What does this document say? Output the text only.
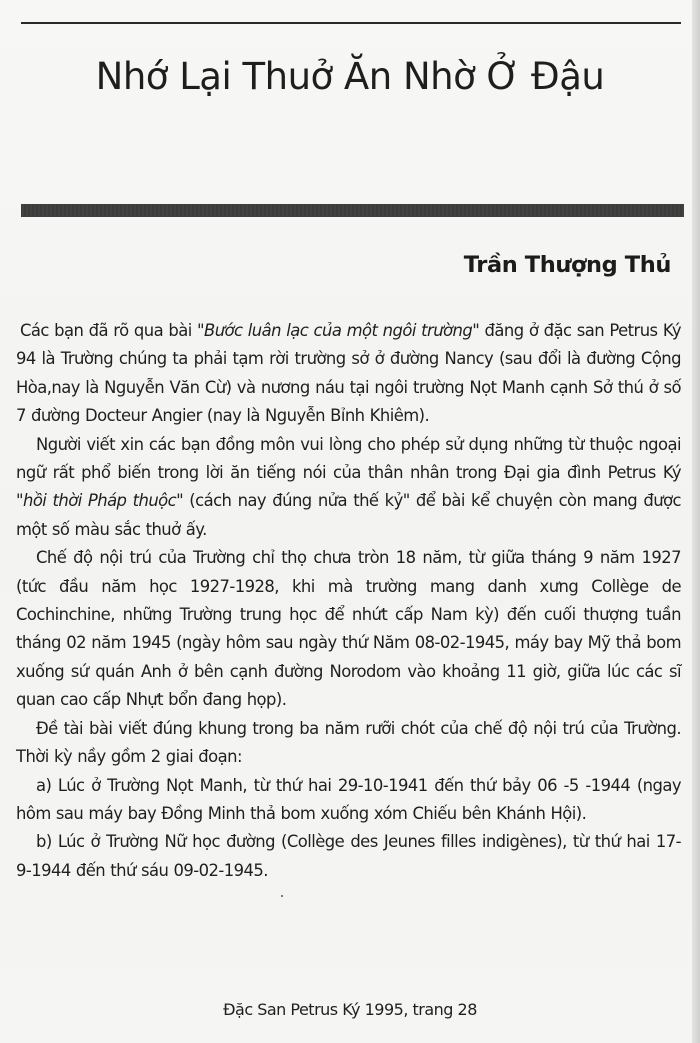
Nhớ Lại Thuở Ăn Nhờ Ở Đậu
Trần Thượng Thủ

Các bạn đã rõ qua bài "Bước luân lạc của một ngôi trường" đăng ở đặc san Petrus Ký 94 là Trường chúng ta phải tạm rời trường sở ở đường Nancy (sau đổi là đường Cộng Hòa,nay là Nguyễn Văn Cừ) và nương náu tại ngôi trường Nọt Manh cạnh Sở thú ở số 7 đường Docteur Angier (nay là Nguyễn Bỉnh Khiêm).

Người viết xin các bạn đồng môn vui lòng cho phép sử dụng những từ thuộc ngoại ngữ rất phổ biến trong lời ăn tiếng nói của thân nhân trong Đại gia đình Petrus Ký "hồi thời Pháp thuộc" (cách nay đúng nửa thế kỷ" để bài kể chuyện còn mang được một số màu sắc thuở ấy.

Chế độ nội trú của Trường chỉ thọ chưa tròn 18 năm, từ giữa tháng 9 năm 1927 (tức đầu năm học 1927-1928, khi mà trường mang danh xưng Collège de Cochinchine, những Trường trung học để nhứt cấp Nam kỳ) đến cuối thượng tuần tháng 02 năm 1945 (ngày hôm sau ngày thứ Năm 08-02-1945, máy bay Mỹ thả bom xuống sứ quán Anh ở bên cạnh đường Norodom vào khoảng 11 giờ, giữa lúc các sĩ quan cao cấp Nhựt bổn đang họp).

Đề tài bài viết đúng khung trong ba năm rưỡi chót của chế độ nội trú của Trường. Thời kỳ nầy gồm 2 giai đoạn:

a) Lúc ở Trường Nọt Manh, từ thứ hai 29-10-1941 đến thứ bảy 06 -5 -1944 (ngay hôm sau máy bay Đồng Minh thả bom xuống xóm Chiếu bên Khánh Hội).

b) Lúc ở Trường Nữ học đường (Collège des Jeunes filles indigènes), từ thứ hai 17-9-1944 đến thứ sáu 09-02-1945.

Đặc San Petrus Ký 1995, trang 28
